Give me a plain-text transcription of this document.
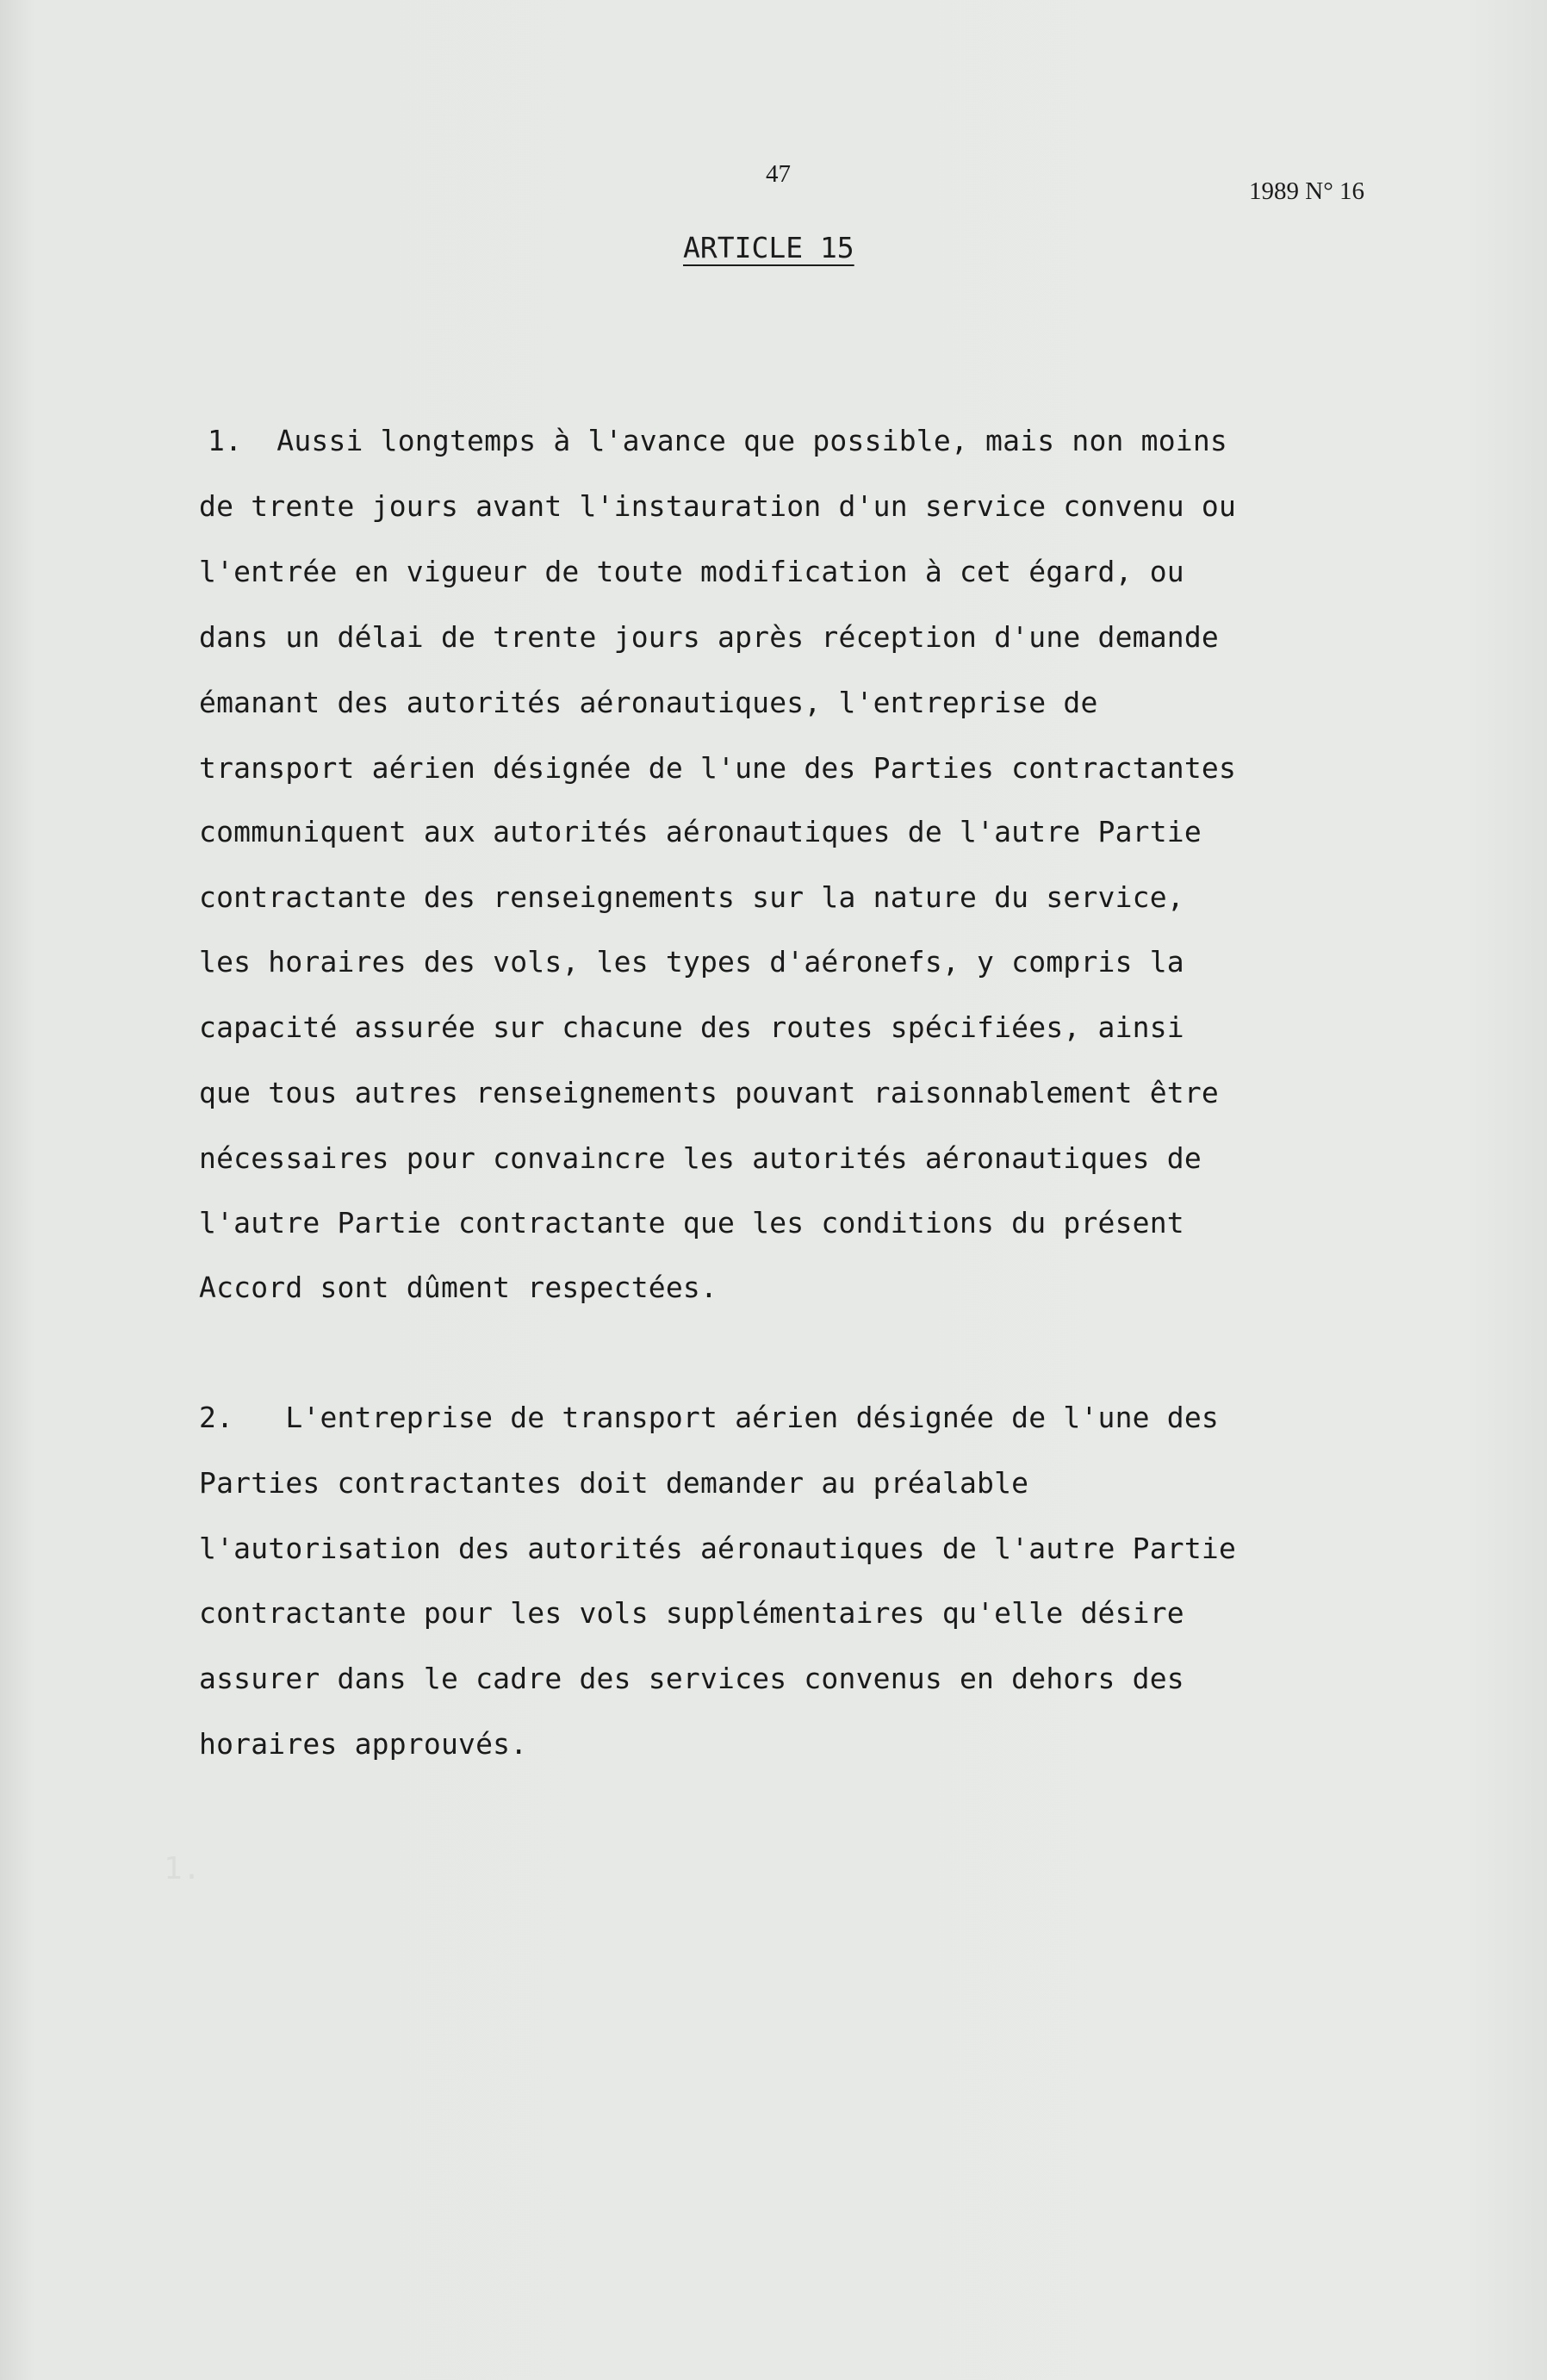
47
1989 N° 16
ARTICLE 15
1.  Aussi longtemps à l'avance que possible, mais non moins
de trente jours avant l'instauration d'un service convenu ou
l'entrée en vigueur de toute modification à cet égard, ou
dans un délai de trente jours après réception d'une demande
émanant des autorités aéronautiques, l'entreprise de
transport aérien désignée de l'une des Parties contractantes
communiquent aux autorités aéronautiques de l'autre Partie
contractante des renseignements sur la nature du service,
les horaires des vols, les types d'aéronefs, y compris la
capacité assurée sur chacune des routes spécifiées, ainsi
que tous autres renseignements pouvant raisonnablement être
nécessaires pour convaincre les autorités aéronautiques de
l'autre Partie contractante que les conditions du présent
Accord sont dûment respectées.
2.   L'entreprise de transport aérien désignée de l'une des
Parties contractantes doit demander au préalable
l'autorisation des autorités aéronautiques de l'autre Partie
contractante pour les vols supplémentaires qu'elle désire
assurer dans le cadre des services convenus en dehors des
horaires approuvés.
